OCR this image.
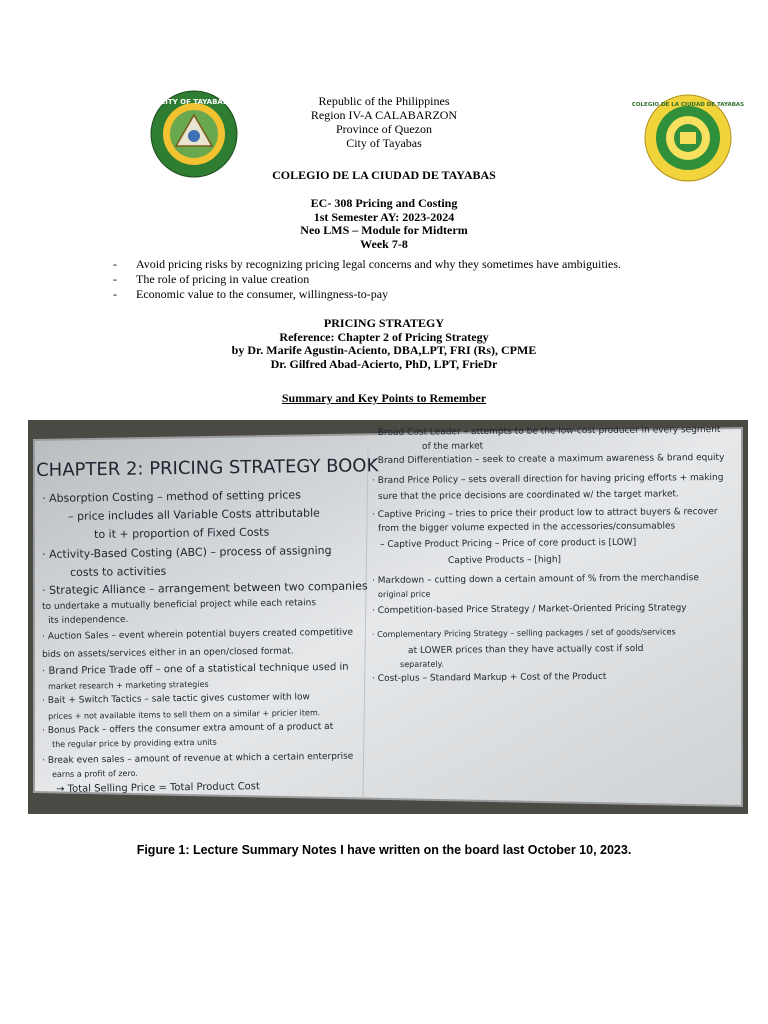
CITY OF TAYABAS	COLEGIO DE LA CIUDAD DE TAYABAS
Republic of the Philippines
Region IV-A CALABARZON
Province of Quezon
City of Tayabas
COLEGIO DE LA CIUDAD DE TAYABAS
EC- 308 Pricing and Costing
1st Semester AY: 2023-2024
Neo LMS – Module for Midterm
Week 7-8
- Avoid pricing risks by recognizing pricing legal concerns and why they sometimes have ambiguities.
- The role of pricing in value creation
- Economic value to the consumer, willingness-to-pay
PRICING STRATEGY
Reference: Chapter 2 of Pricing Strategy
by Dr. Marife Agustin-Aciento, DBA,LPT, FRI (Rs), CPME
Dr. Gilfred Abad-Acierto, PhD, LPT, FrieDr
Summary and Key Points to Remember
CHAPTER 2: PRICING STRATEGY BOOK
· Absorption Costing – method of setting prices
– price includes all Variable Costs attributable
to it + proportion of Fixed Costs
· Activity-Based Costing (ABC) – process of assigning
costs to activities
· Strategic Alliance – arrangement between two companies
to undertake a mutually beneficial project while each retains
its independence.
· Auction Sales – event wherein potential buyers created competitive
bids on assets/services either in an open/closed format.
· Brand Price Trade off – one of a statistical technique used in
market research + marketing strategies
· Bait + Switch Tactics – sale tactic gives customer with low
prices + not available items to sell them on a similar + pricier item.
· Bonus Pack – offers the consumer extra amount of a product at
the regular price by providing extra units
· Break even sales – amount of revenue at which a certain enterprise
earns a profit of zero.
→ Total Selling Price = Total Product Cost
· Broad Cost Leader – attempts to be the low-cost producer in every segment
of the market
· Brand Differentiation – seek to create a maximum awareness & brand equity
· Brand Price Policy – sets overall direction for having pricing efforts + making
sure that the price decisions are coordinated w/ the target market.
· Captive Pricing – tries to price their product low to attract buyers & recover
from the bigger volume expected in the accessories/consumables
– Captive Product Pricing – Price of core product is [LOW]
Captive Products – [high]
· Markdown – cutting down a certain amount of % from the merchandise
original price
· Competition-based Price Strategy / Market-Oriented Pricing Strategy
· Complementary Pricing Strategy – selling packages / set of goods/services
at LOWER prices than they have actually cost if sold
separately.
· Cost-plus – Standard Markup + Cost of the Product
Figure 1: Lecture Summary Notes I have written on the board last October 10, 2023.
